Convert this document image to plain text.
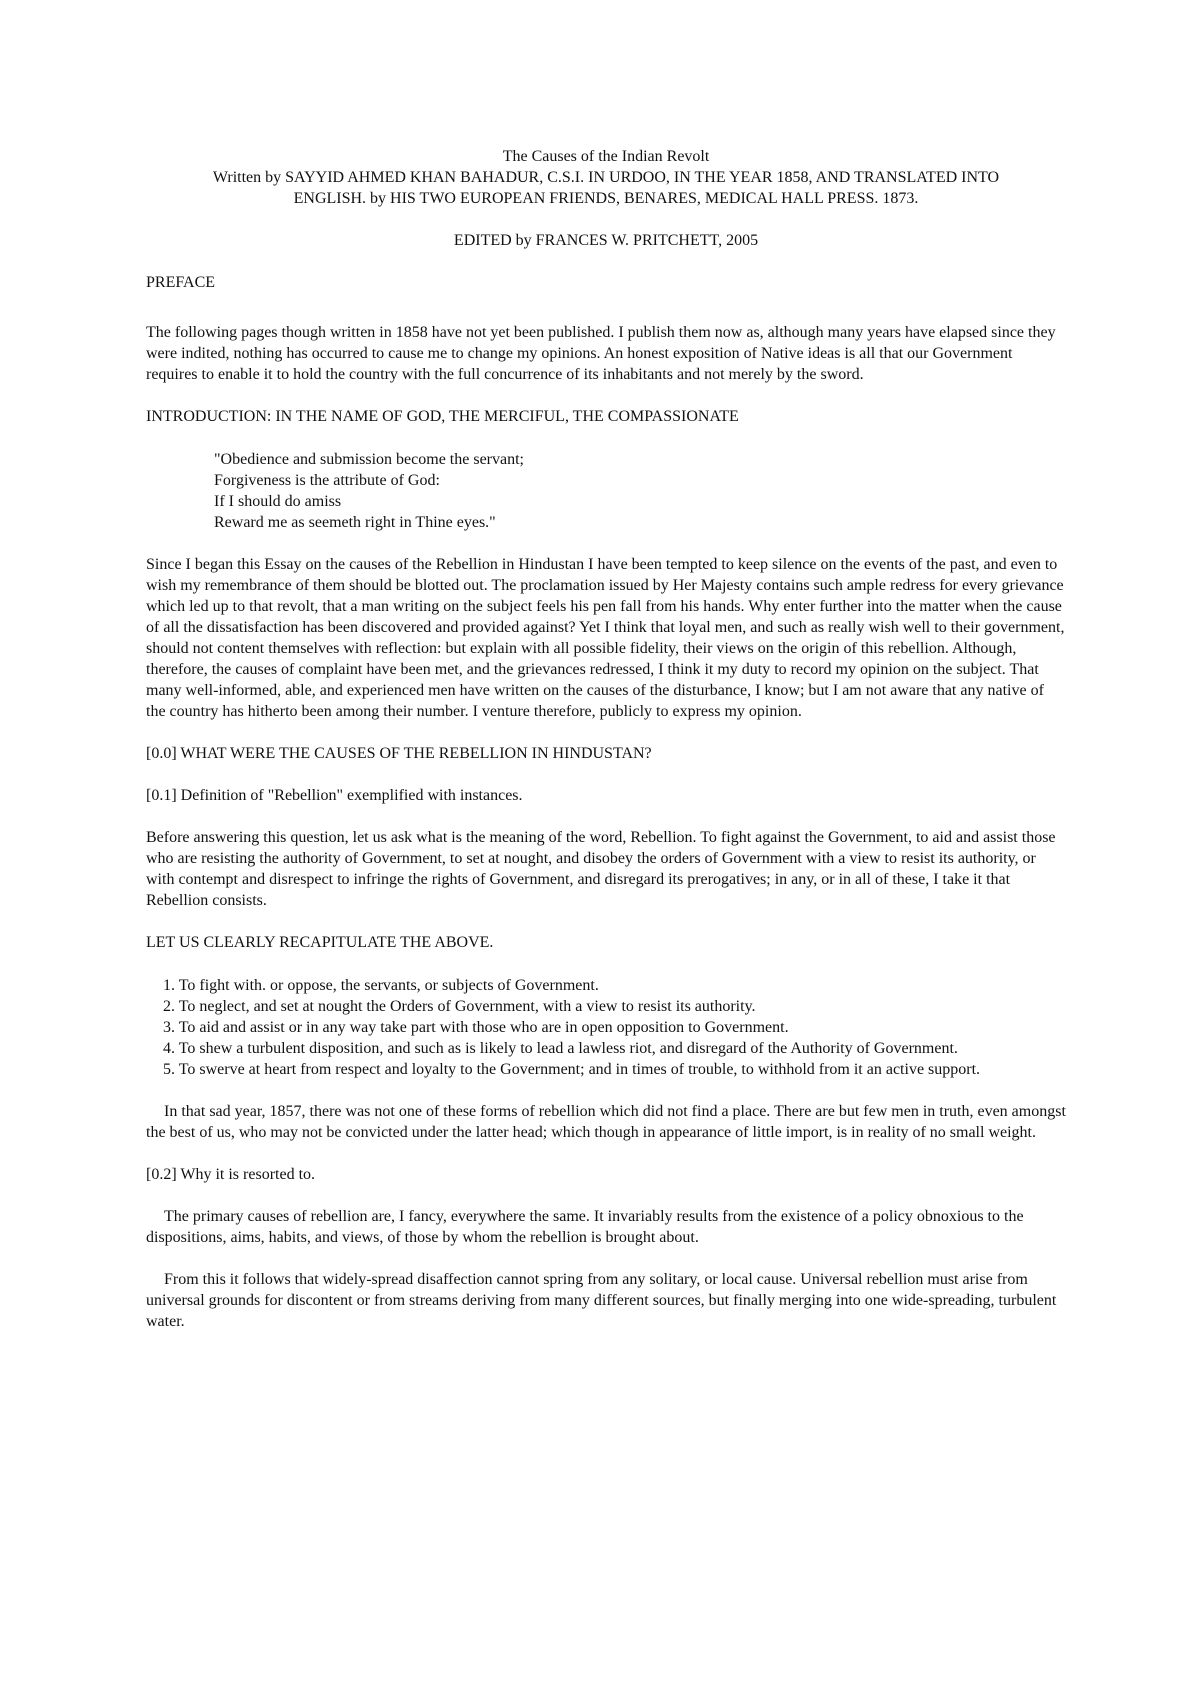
The Causes of the Indian Revolt
Written by SAYYID AHMED KHAN BAHADUR, C.S.I. IN URDOO, IN THE YEAR 1858, AND TRANSLATED INTO
ENGLISH. by HIS TWO EUROPEAN FRIENDS, BENARES, MEDICAL HALL PRESS. 1873.
EDITED by FRANCES W. PRITCHETT, 2005

PREFACE

The following pages though written in 1858 have not yet been published. I publish them now as, although many years have elapsed since they were indited, nothing has occurred to cause me to change my opinions. An honest exposition of Native ideas is all that our Government requires to enable it to hold the country with the full concurrence of its inhabitants and not merely by the sword.

INTRODUCTION: IN THE NAME OF GOD, THE MERCIFUL, THE COMPASSIONATE

"Obedience and submission become the servant;
Forgiveness is the attribute of God:
If I should do amiss
Reward me as seemeth right in Thine eyes."

Since I began this Essay on the causes of the Rebellion in Hindustan I have been tempted to keep silence on the events of the past, and even to wish my remembrance of them should be blotted out. The proclamation issued by Her Majesty contains such ample redress for every grievance which led up to that revolt, that a man writing on the subject feels his pen fall from his hands. Why enter further into the matter when the cause of all the dissatisfaction has been discovered and provided against? Yet I think that loyal men, and such as really wish well to their government, should not content themselves with reflection: but explain with all possible fidelity, their views on the origin of this rebellion. Although, therefore, the causes of complaint have been met, and the grievances redressed, I think it my duty to record my opinion on the subject. That many well-informed, able, and experienced men have written on the causes of the disturbance, I know; but I am not aware that any native of the country has hitherto been among their number. I venture therefore, publicly to express my opinion.

[0.0] WHAT WERE THE CAUSES OF THE REBELLION IN HINDUSTAN?

[0.1] Definition of "Rebellion" exemplified with instances.

Before answering this question, let us ask what is the meaning of the word, Rebellion. To fight against the Government, to aid and assist those who are resisting the authority of Government, to set at nought, and disobey the orders of Government with a view to resist its authority, or with contempt and disrespect to infringe the rights of Government, and disregard its prerogatives; in any, or in all of these, I take it that Rebellion consists.

LET US CLEARLY RECAPITULATE THE ABOVE.

1. To fight with. or oppose, the servants, or subjects of Government.
2. To neglect, and set at nought the Orders of Government, with a view to resist its authority.
3. To aid and assist or in any way take part with those who are in open opposition to Government.
4. To shew a turbulent disposition, and such as is likely to lead a lawless riot, and disregard of the Authority of Government.
5. To swerve at heart from respect and loyalty to the Government; and in times of trouble, to withhold from it an active support.

In that sad year, 1857, there was not one of these forms of rebellion which did not find a place. There are but few men in truth, even amongst the best of us, who may not be convicted under the latter head; which though in appearance of little import, is in reality of no small weight.

[0.2] Why it is resorted to.

The primary causes of rebellion are, I fancy, everywhere the same. It invariably results from the existence of a policy obnoxious to the dispositions, aims, habits, and views, of those by whom the rebellion is brought about.

From this it follows that widely-spread disaffection cannot spring from any solitary, or local cause. Universal rebellion must arise from universal grounds for discontent or from streams deriving from many different sources, but finally merging into one wide-spreading, turbulent water.
